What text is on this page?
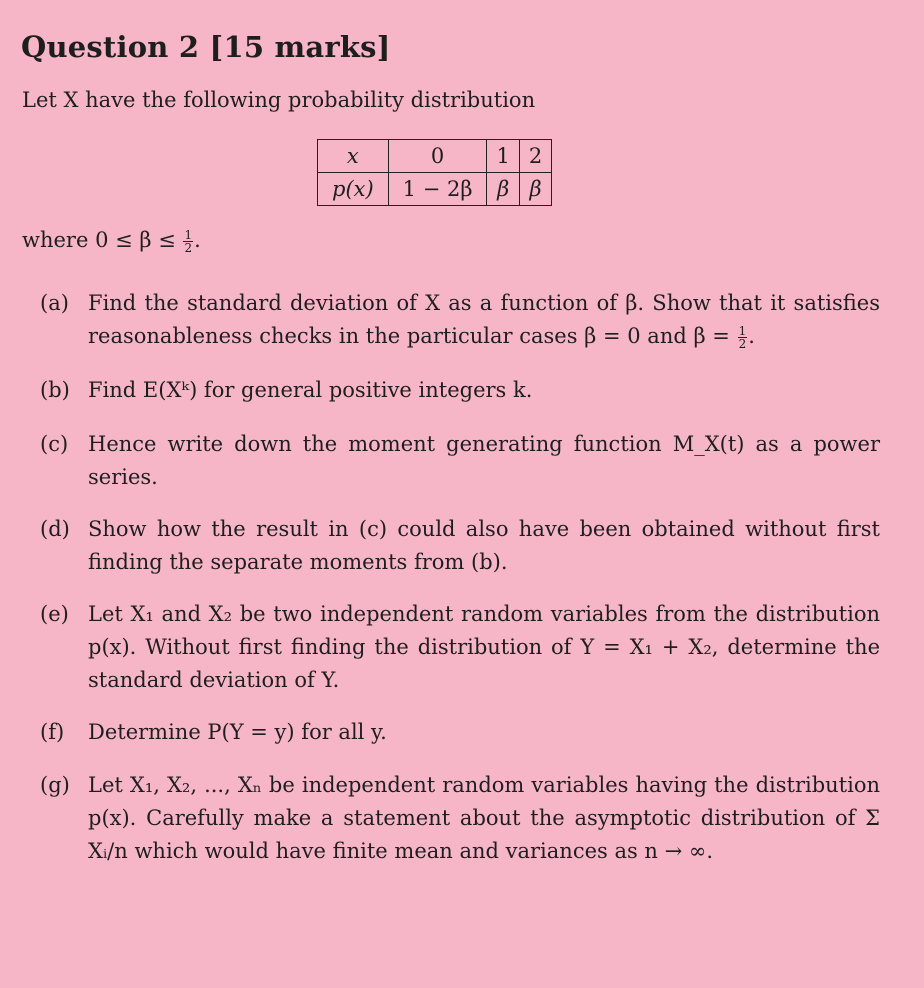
Question 2 [15 marks]
Let X have the following probability distribution
x	0	1	2
p(x)	1 − 2β	β	β
where $0 \le \beta \le \frac{1}{2}$ .
(a) Find the standard deviation of X as a function of β. Show that it satisfies reasonableness checks in the particular cases β = 0 and $\beta = \frac{1}{2}$ .
(b) Find E(Xᵏ) for general positive integers k.
(c) Hence write down the moment generating function M_X(t) as a power series.
(d) Show how the result in (c) could also have been obtained without first finding the separate moments from (b).
(e) Let X₁ and X₂ be two independent random variables from the distribution p(x). Without first finding the distribution of Y = X₁ + X₂, determine the standard deviation of Y.
(f)	Determine P(Y = y) for all y.
(g) Let X₁, X₂, ..., Xₙ be independent random variables having the distribution p(x). Carefully make a statement about the asymptotic distribution of Σ Xᵢ/n which would have finite mean and variances as n → ∞.
